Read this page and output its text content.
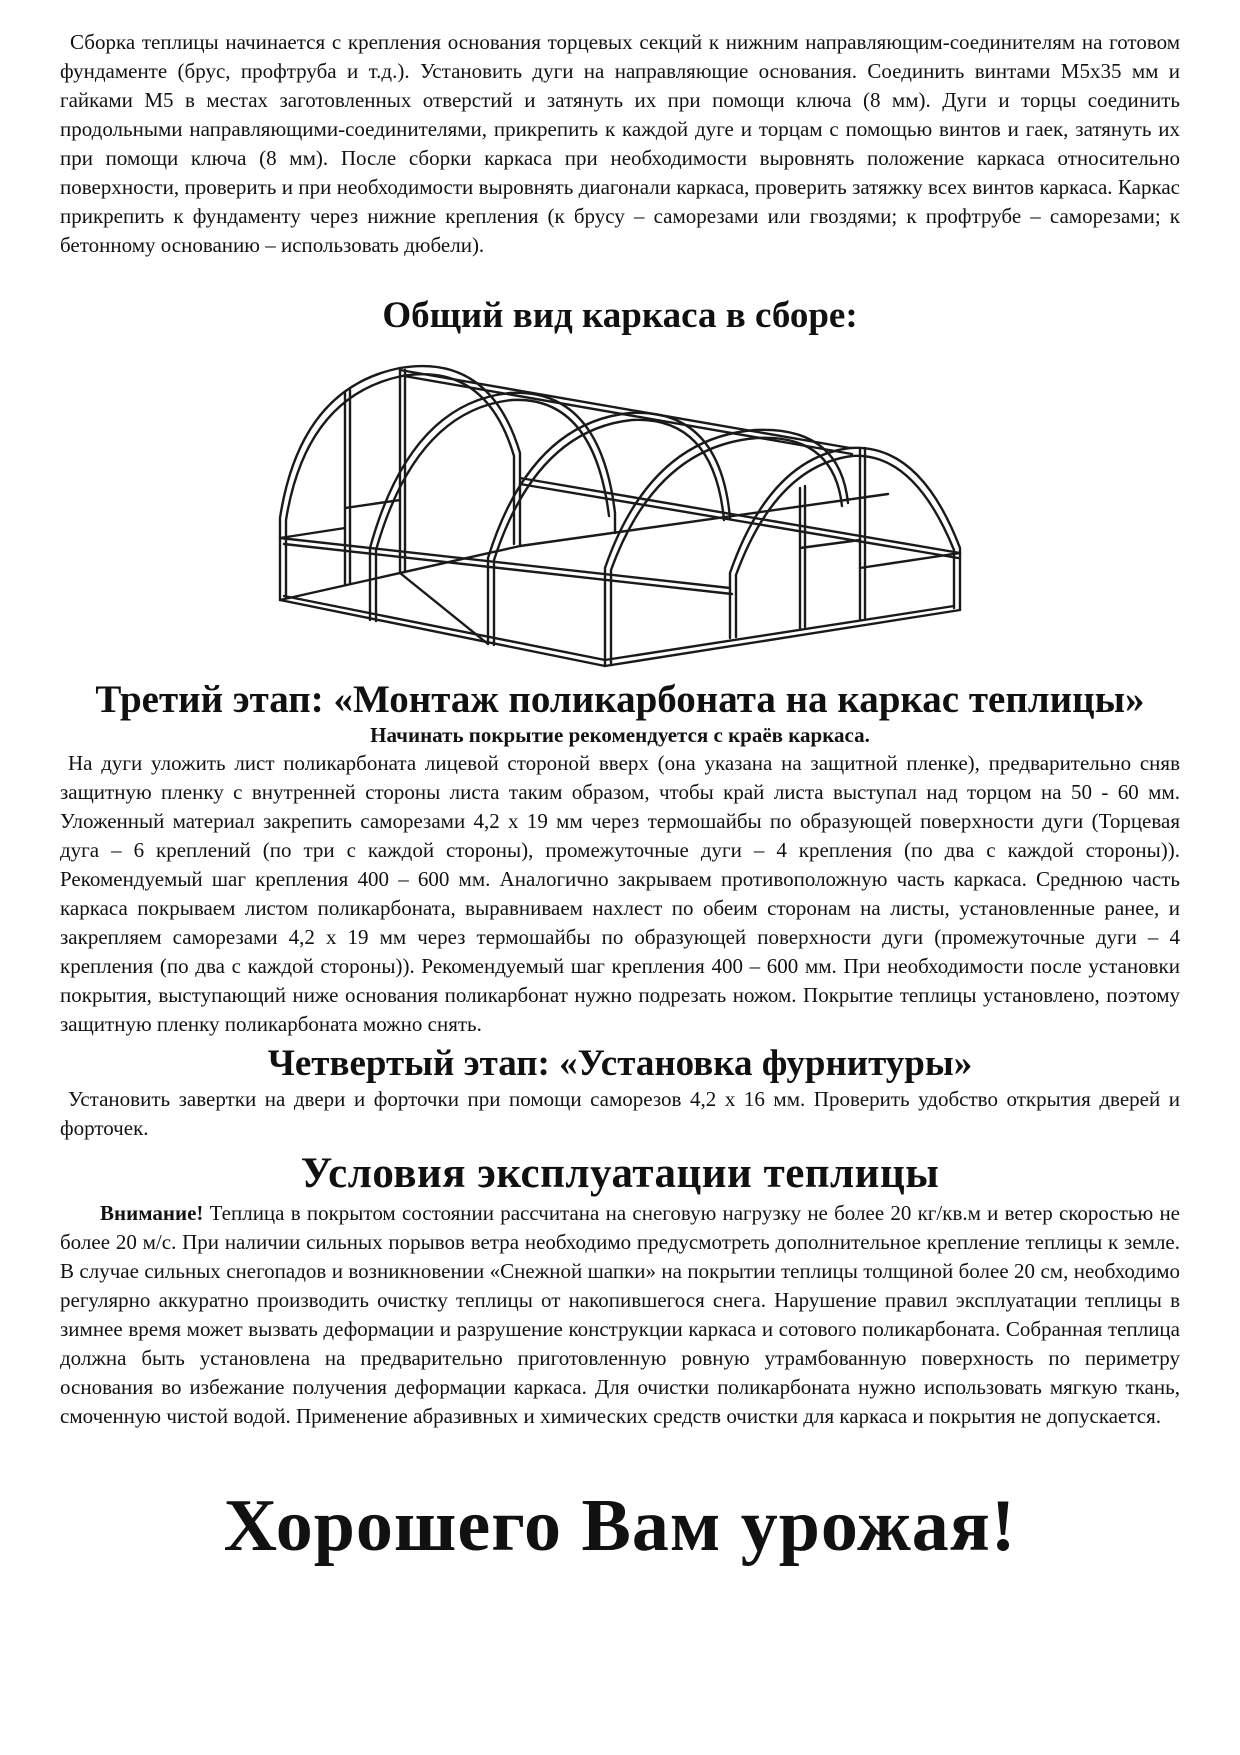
Сборка теплицы начинается с крепления основания торцевых секций к нижним направляющим-соединителям на готовом фундаменте (брус, профтруба и т.д.). Установить дуги на направляющие основания. Соединить винтами М5х35 мм и гайками М5 в местах заготовленных отверстий и затянуть их при помощи ключа (8 мм). Дуги и торцы соединить продольными направляющими-соединителями, прикрепить к каждой дуге и торцам с помощью винтов и гаек, затянуть их при помощи ключа (8 мм). После сборки каркаса при необходимости выровнять положение каркаса относительно поверхности, проверить и при необходимости выровнять диагонали каркаса, проверить затяжку всех винтов каркаса. Каркас прикрепить к фундаменту через нижние крепления (к брусу – саморезами или гвоздями; к профтрубе – саморезами; к бетонному основанию – использовать дюбели).

Общий вид каркаса в сборе:
Третий этап: «Монтаж поликарбоната на каркас теплицы»

Начинать покрытие рекомендуется с краёв каркаса.

На дуги уложить лист поликарбоната лицевой стороной вверх (она указана на защитной пленке), предварительно сняв защитную пленку с внутренней стороны листа таким образом, чтобы край листа выступал над торцом на 50 - 60 мм. Уложенный материал закрепить саморезами 4,2 х 19 мм через термошайбы по образующей поверхности дуги (Торцевая дуга – 6 креплений (по три с каждой стороны), промежуточные дуги – 4 крепления (по два с каждой стороны)). Рекомендуемый шаг крепления 400 – 600 мм. Аналогично закрываем противоположную часть каркаса. Среднюю часть каркаса покрываем листом поликарбоната, выравниваем нахлест по обеим сторонам на листы, установленные ранее, и закрепляем саморезами 4,2 х 19 мм через термошайбы по образующей поверхности дуги (промежуточные дуги – 4 крепления (по два с каждой стороны)). Рекомендуемый шаг крепления 400 – 600 мм. При необходимости после установки покрытия, выступающий ниже основания поликарбонат нужно подрезать ножом. Покрытие теплицы установлено, поэтому защитную пленку поликарбоната можно снять.

Четвертый этап: «Установка фурнитуры»

Установить завертки на двери и форточки при помощи саморезов 4,2 х 16 мм. Проверить удобство открытия дверей и форточек.

Условия эксплуатации теплицы

Внимание! Теплица в покрытом состоянии рассчитана на снеговую нагрузку не более 20 кг/кв.м и ветер скоростью не более 20 м/с. При наличии сильных порывов ветра необходимо предусмотреть дополнительное крепление теплицы к земле. В случае сильных снегопадов и возникновении «Снежной шапки» на покрытии теплицы толщиной более 20 см, необходимо регулярно аккуратно производить очистку теплицы от накопившегося снега. Нарушение правил эксплуатации теплицы в зимнее время может вызвать деформации и разрушение конструкции каркаса и сотового поликарбоната. Собранная теплица должна быть установлена на предварительно приготовленную ровную утрамбованную поверхность по периметру основания во избежание получения деформации каркаса. Для очистки поликарбоната нужно использовать мягкую ткань, смоченную чистой водой. Применение абразивных и химических средств очистки для каркаса и покрытия не допускается.

Хорошего Вам урожая!
